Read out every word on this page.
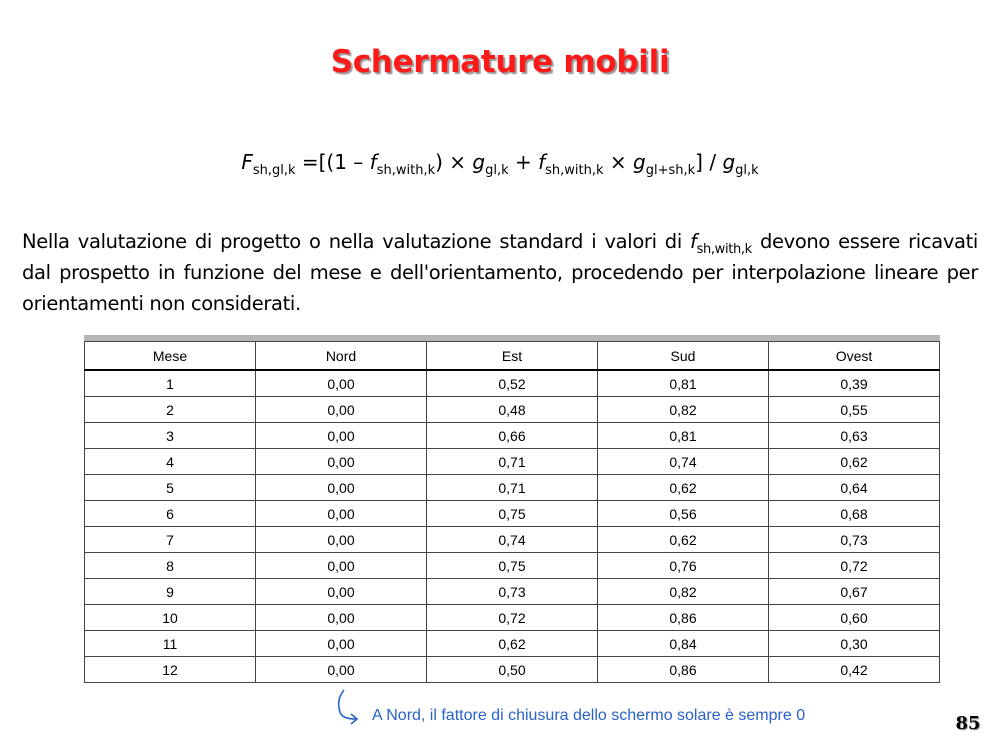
Schermature mobili
$F_{sh,gl,k} =[(1 - f_{sh,with,k}) \times g_{gl,k} + f_{sh,with,k} \times g_{gl+sh,k}] / g_{gl,k}$
Nella valutazione di progetto o nella valutazione standard i valori di $f_{sh,with,k}$ devono essere ricavati dal prospetto in funzione del mese e dell'orientamento, procedendo per interpolazione lineare per orientamenti non considerati.
Mese	Nord	Est	Sud	Ovest
1	0,00	0,52	0,81	0,39
2	0,00	0,48	0,82	0,55
3	0,00	0,66	0,81	0,63
4	0,00	0,71	0,74	0,62
5	0,00	0,71	0,62	0,64
6	0,00	0,75	0,56	0,68
7	0,00	0,74	0,62	0,73
8	0,00	0,75	0,76	0,72
9	0,00	0,73	0,82	0,67
10	0,00	0,72	0,86	0,60
11	0,00	0,62	0,84	0,30
12	0,00	0,50	0,86	0,42
A Nord, il fattore di chiusura dello schermo solare è sempre 0	85
